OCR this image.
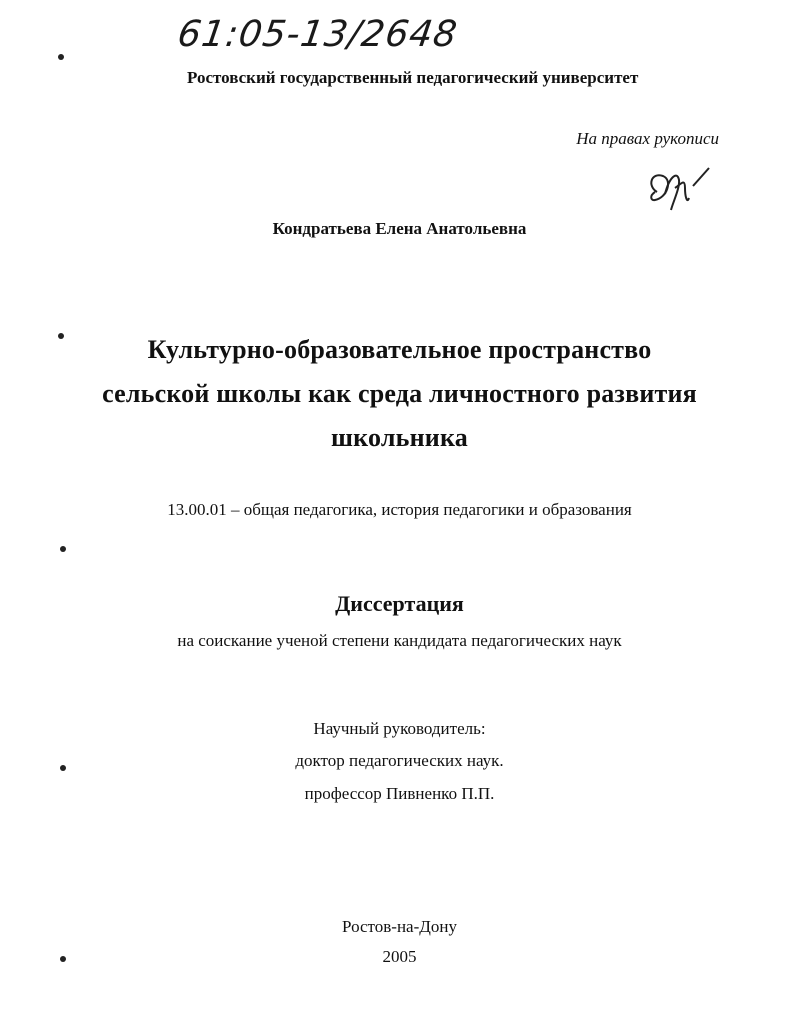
61:05-13/2648
Ростовский государственный педагогический университет
На правах рукописи
Кондратьева Елена Анатольевна
Культурно-образовательное пространство
сельской школы как среда личностного развития
школьника
13.00.01 – общая педагогика, история педагогики и образования
Диссертация
на соискание ученой степени кандидата педагогических наук
Научный руководитель:
доктор педагогических наук.
профессор Пивненко П.П.
Ростов-на-Дону
2005
